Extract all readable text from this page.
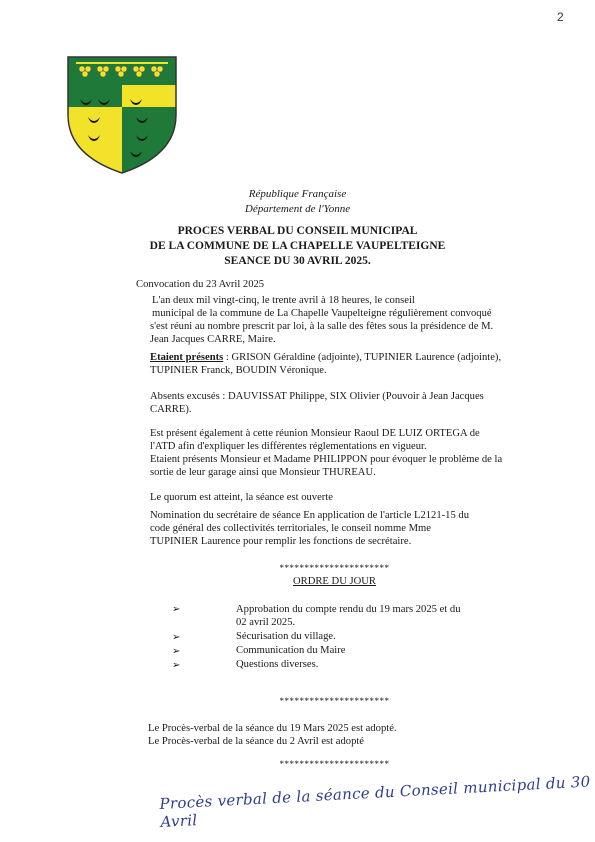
2
République Française
Département de l'Yonne
PROCES VERBAL DU CONSEIL MUNICIPAL
DE LA COMMUNE DE LA CHAPELLE VAUPELTEIGNE
SEANCE DU 30 AVRIL 2025.
Convocation du 23 Avril 2025
L'an deux mil vingt-cinq, le trente avril à 18 heures, le conseil
municipal de la commune de La Chapelle Vaupelteigne régulièrement convoqué
s'est réuni au nombre prescrit par loi, à la salle des fêtes sous la présidence de M.
Jean Jacques CARRE, Maire.
Etaient présents : GRISON Géraldine (adjointe), TUPINIER Laurence (adjointe),
TUPINIER Franck, BOUDIN Véronique.
Absents excusés : DAUVISSAT Philippe, SIX Olivier (Pouvoir à Jean Jacques
CARRE).
Est présent également à cette réunion Monsieur Raoul DE LUIZ ORTEGA de
l'ATD afin d'expliquer les différentes réglementations en vigueur.
Etaient présents Monsieur et Madame PHILIPPON pour évoquer le problème de la
sortie de leur garage ainsi que Monsieur THUREAU.
Le quorum est atteint, la séance est ouverte
Nomination du secrétaire de séance En application de l'article L2121-15 du
code général des collectivités territoriales, le conseil nomme Mme
TUPINIER Laurence pour remplir les fonctions de secrétaire.
**********************
ORDRE DU JOUR
➢	Approbation du compte rendu du 19 mars 2025 et du
02 avril 2025.
➢	Sécurisation du village.
➢	Communication du Maire
➢	Questions diverses.
**********************
Le Procès-verbal de la séance du 19 Mars 2025 est adopté.
Le Procès-verbal de la séance du 2 Avril est adopté
**********************
Procès verbal de la séance du Conseil municipal du 30 Avril
